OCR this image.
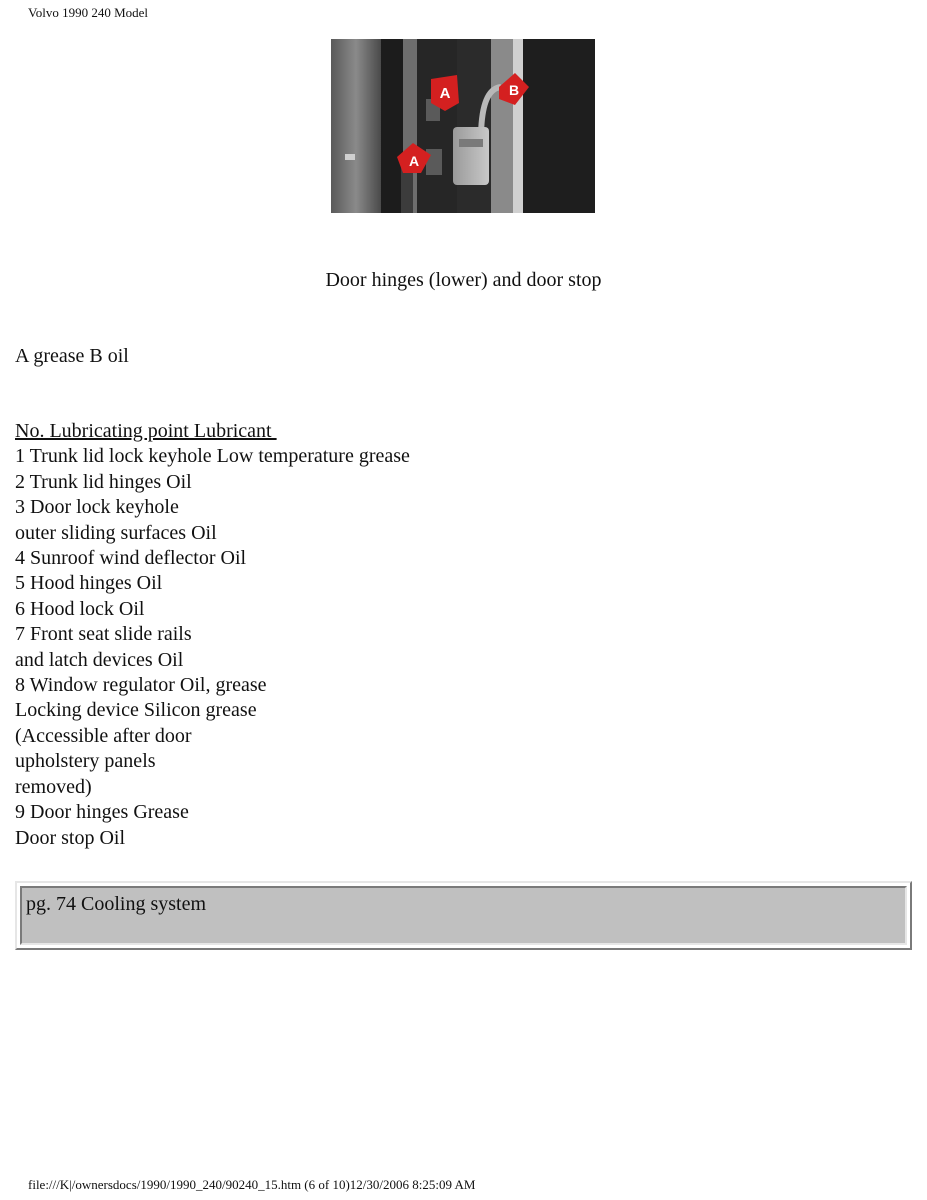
Volvo 1990 240 Model
A	B
A
Door hinges (lower) and door stop
A grease B oil
No. Lubricating point Lubricant
1 Trunk lid lock keyhole Low temperature grease
2 Trunk lid hinges Oil
3 Door lock keyhole
outer sliding surfaces Oil
4 Sunroof wind deflector Oil
5 Hood hinges Oil
6 Hood lock Oil
7 Front seat slide rails
and latch devices Oil
8 Window regulator Oil, grease
Locking device Silicon grease
(Accessible after door
upholstery panels
removed)
9 Door hinges Grease
Door stop Oil
pg. 74 Cooling system
file:///K|/ownersdocs/1990/1990_240/90240_15.htm (6 of 10)12/30/2006 8:25:09 AM
